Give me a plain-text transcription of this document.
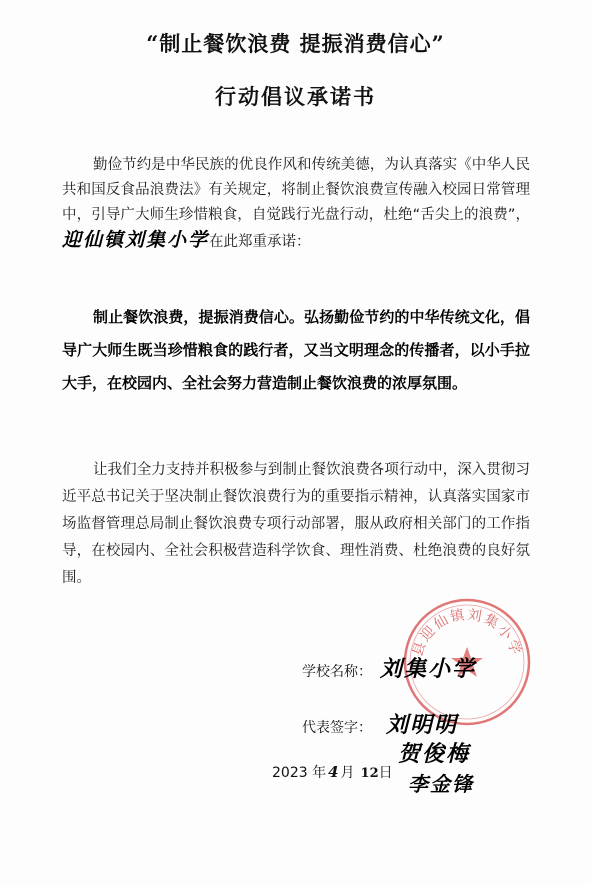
“制止餐饮浪费 提振消费信心”
行动倡议承诺书
勤俭节约是中华民族的优良作风和传统美德，为认真落实《中华人民共和国反食品浪费法》有关规定，将制止餐饮浪费宣传融入校园日常管理中，引导广大师生珍惜粮食，自觉践行光盘行动，杜绝“舌尖上的浪费”，迎仙镇刘集小学在此郑重承诺：
制止餐饮浪费，提振消费信心。弘扬勤俭节约的中华传统文化，倡导广大师生既当珍惜粮食的践行者，又当文明理念的传播者，以小手拉大手，在校园内、全社会努力营造制止餐饮浪费的浓厚氛围。
让我们全力支持并积极参与到制止餐饮浪费各项行动中，深入贯彻习近平总书记关于坚决制止餐饮浪费行为的重要指示精神，认真落实国家市场监督管理总局制止餐饮浪费专项行动部署，服从政府相关部门的工作指导，在校园内、全社会积极营造科学饮食、理性消费、杜绝浪费的良好氛围。
县迎仙镇刘集小学
学校名称： 刘集小学
代表签字： 刘明明
贺俊梅
2023 年 4 月 12日 李金锋
